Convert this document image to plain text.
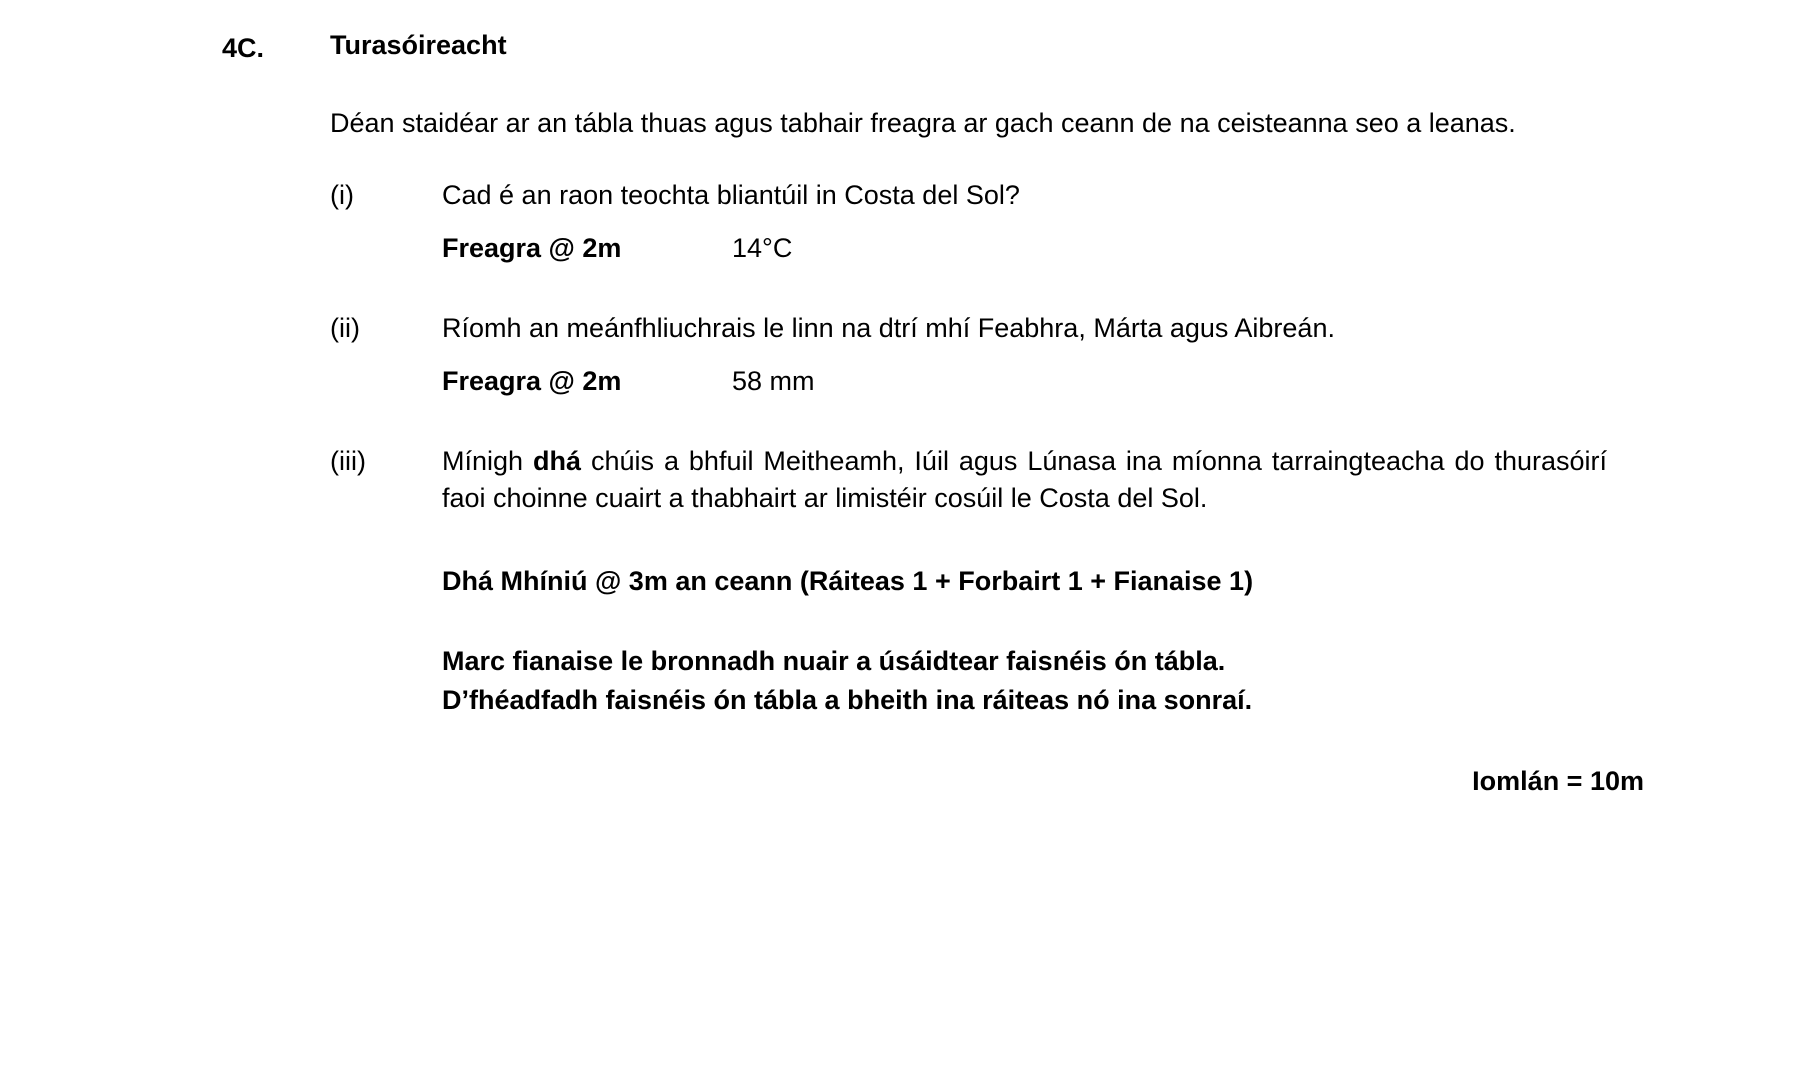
4C.	Turasóireacht
Déan staidéar ar an tábla thuas agus tabhair freagra ar gach ceann de na ceisteanna seo a leanas.
(i)	Cad é an raon teochta bliantúil in Costa del Sol?
Freagra @ 2m	14°C
(ii)	Ríomh an meánfhliuchrais le linn na dtrí mhí Feabhra, Márta agus Aibreán.
Freagra @ 2m	58 mm
(iii)	Mínigh dhá chúis a bhfuil Meitheamh, Iúil agus Lúnasa ina míonna tarraingteacha do thurasóirí faoi choinne cuairt a thabhairt ar limistéir cosúil le Costa del Sol.
Dhá Mhíniú @ 3m an ceann (Ráiteas 1 + Forbairt 1 + Fianaise 1)
Marc fianaise le bronnadh nuair a úsáidtear faisnéis ón tábla.
D’fhéadfadh faisnéis ón tábla a bheith ina ráiteas nó ina sonraí.
Iomlán = 10m
